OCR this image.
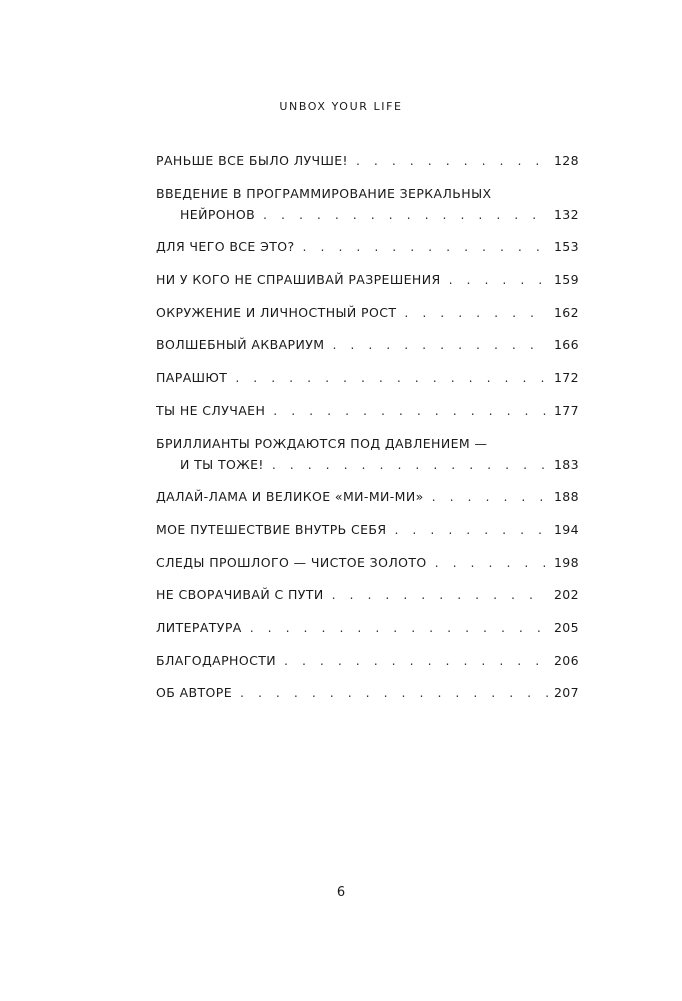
UNBOX YOUR LIFE
РАНЬШЕ ВСЕ БЫЛО ЛУЧШЕ! . . .	128
ВВЕДЕНИЕ В ПРОГРАММИРОВАНИЕ ЗЕРКАЛЬНЫХ
НЕЙРОНОВ . . .	132
ДЛЯ ЧЕГО ВСЕ ЭТО? . . .	153
НИ У КОГО НЕ СПРАШИВАЙ РАЗРЕШЕНИЯ . . .	159
ОКРУЖЕНИЕ И ЛИЧНОСТНЫЙ РОСТ . . .	162
ВОЛШЕБНЫЙ АКВАРИУМ . . .	166
ПАРАШЮТ . . .	172
ТЫ НЕ СЛУЧАЕН . . .	177
БРИЛЛИАНТЫ РОЖДАЮТСЯ ПОД ДАВЛЕНИЕМ —
И ТЫ ТОЖЕ! . . .	183
ДАЛАЙ-ЛАМА И ВЕЛИКОЕ «МИ-МИ-МИ» . . .	188
МОЕ ПУТЕШЕСТВИЕ ВНУТРЬ СЕБЯ . . .	194
СЛЕДЫ ПРОШЛОГО — ЧИСТОЕ ЗОЛОТО . . .	198
НЕ СВОРАЧИВАЙ С ПУТИ . . .	202
ЛИТЕРАТУРА . . .	205
БЛАГОДАРНОСТИ . . .	206
ОБ АВТОРЕ . . .	207
6
